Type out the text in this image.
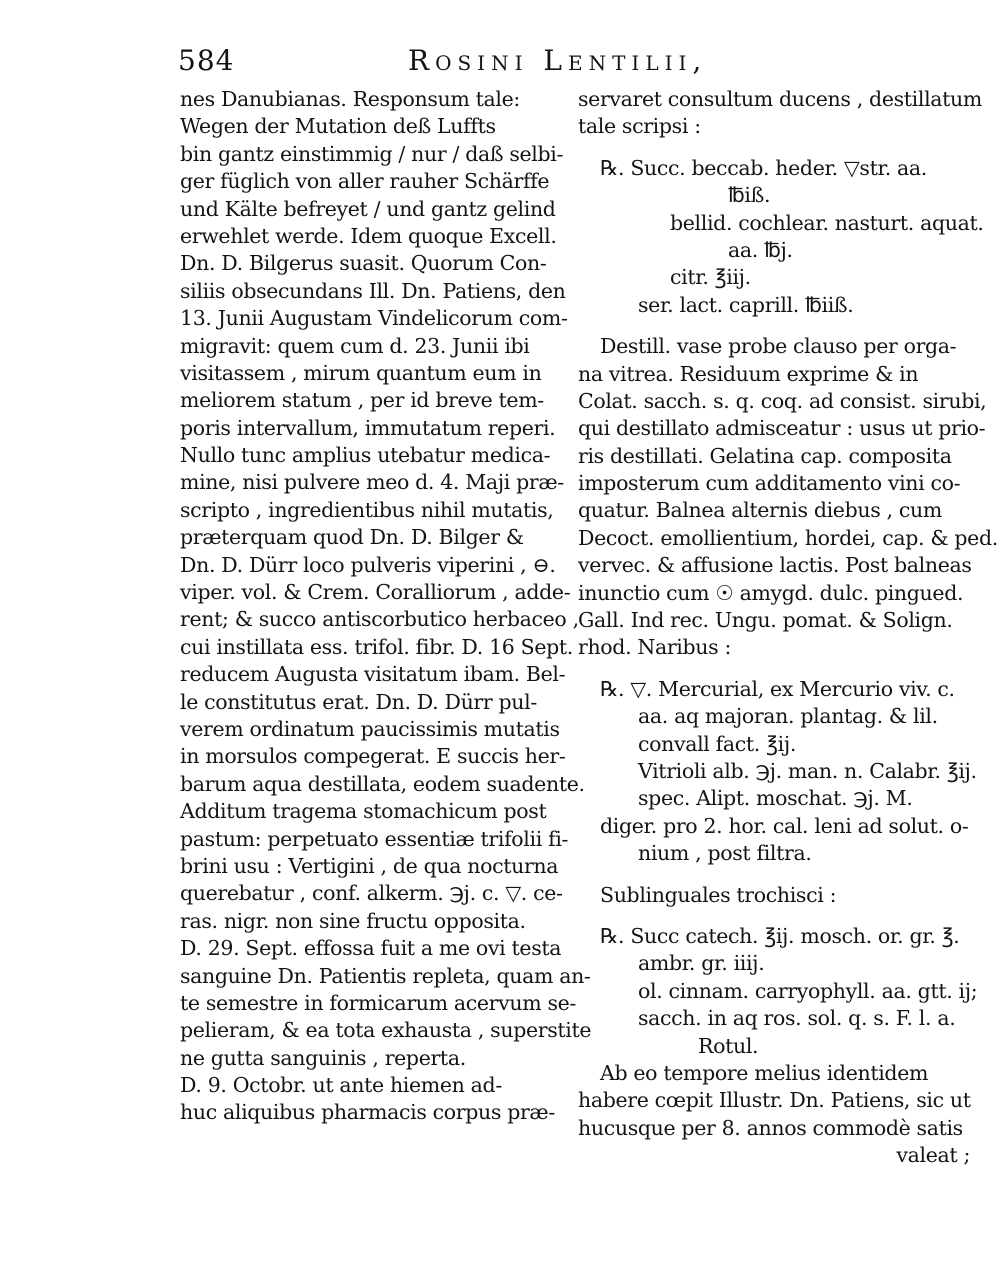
584	Rosini Lentilii,
nes Danubianas. Responsum tale:
Wegen der Mutation deß Luffts
bin gantz einstimmig / nur / daß selbi-
ger füglich von aller rauher Schärffe
und Kälte befreyet / und gantz gelind
erwehlet werde. Idem quoque Excell.
Dn. D. Bilgerus suasit. Quorum Con-
siliis obsecundans Ill. Dn. Patiens, den
13. Junii Augustam Vindelicorum com-
migravit: quem cum d. 23. Junii ibi
visitassem , mirum quantum eum in
meliorem statum , per id breve tem-
poris intervallum, immutatum reperi.
Nullo tunc amplius utebatur medica-
mine, nisi pulvere meo d. 4. Maji præ-
scripto , ingredientibus nihil mutatis,
præterquam quod Dn. D. Bilger &
Dn. D. Dürr loco pulveris viperini , ⊖.
viper. vol. & Crem. Coralliorum , adde-
rent; & succo antiscorbutico herbaceo ,
cui instillata ess. trifol. fibr. D. 16 Sept.
reducem Augusta visitatum ibam. Bel-
le constitutus erat. Dn. D. Dürr pul-
verem ordinatum paucissimis mutatis
in morsulos compegerat. E succis her-
barum aqua destillata, eodem suadente.
Additum tragema stomachicum post
pastum: perpetuato essentiæ trifolii fi-
brini usu : Vertigini , de qua nocturna
querebatur , conf. alkerm. ℈j. c. ▽. ce-
ras. nigr. non sine fructu opposita.
D. 29. Sept. effossa fuit a me ovi testa
sanguine Dn. Patientis repleta, quam an-
te semestre in formicarum acervum se-
pelieram, & ea tota exhausta , superstite
ne gutta sanguinis , reperta.
D. 9. Octobr. ut ante hiemen ad-
huc aliquibus pharmacis corpus præ-
servaret consultum ducens , destillatum
tale scripsi :
℞. Succ. beccab. heder. ▽str. aa.
℔iß.
bellid. cochlear. nasturt. aquat.
aa. ℔j.
citr. ℥iij.
ser. lact. caprill. ℔iiß.
Destill. vase probe clauso per orga-
na vitrea. Residuum exprime & in
Colat. sacch. s. q. coq. ad consist. sirubi,
qui destillato admisceatur : usus ut prio-
ris destillati. Gelatina cap. composita
imposterum cum additamento vini co-
quatur. Balnea alternis diebus , cum
Decoct. emollientium, hordei, cap. & ped.
vervec. & affusione lactis. Post balneas
inunctio cum ☉ amygd. dulc. pingued.
Gall. Ind rec. Ungu. pomat. & Solign.
rhod. Naribus :
℞. ▽. Mercurial, ex Mercurio viv. c.
aa. aq majoran. plantag. & lil.
convall fact. ℥ij.
Vitrioli alb. ℈j. man. n. Calabr. ℥ij.
spec. Alipt. moschat. ℈j. M.
diger. pro 2. hor. cal. leni ad solut. o-
nium , post filtra.
Sublinguales trochisci :
℞. Succ catech. ℥ij. mosch. or. gr. ℥.
ambr. gr. iiij.
ol. cinnam. carryophyll. aa. gtt. ij;
sacch. in aq ros. sol. q. s. F. l. a.
Rotul.
Ab eo tempore melius identidem
habere cœpit Illustr. Dn. Patiens, sic ut
hucusque per 8. annos commodè satis
valeat ;
